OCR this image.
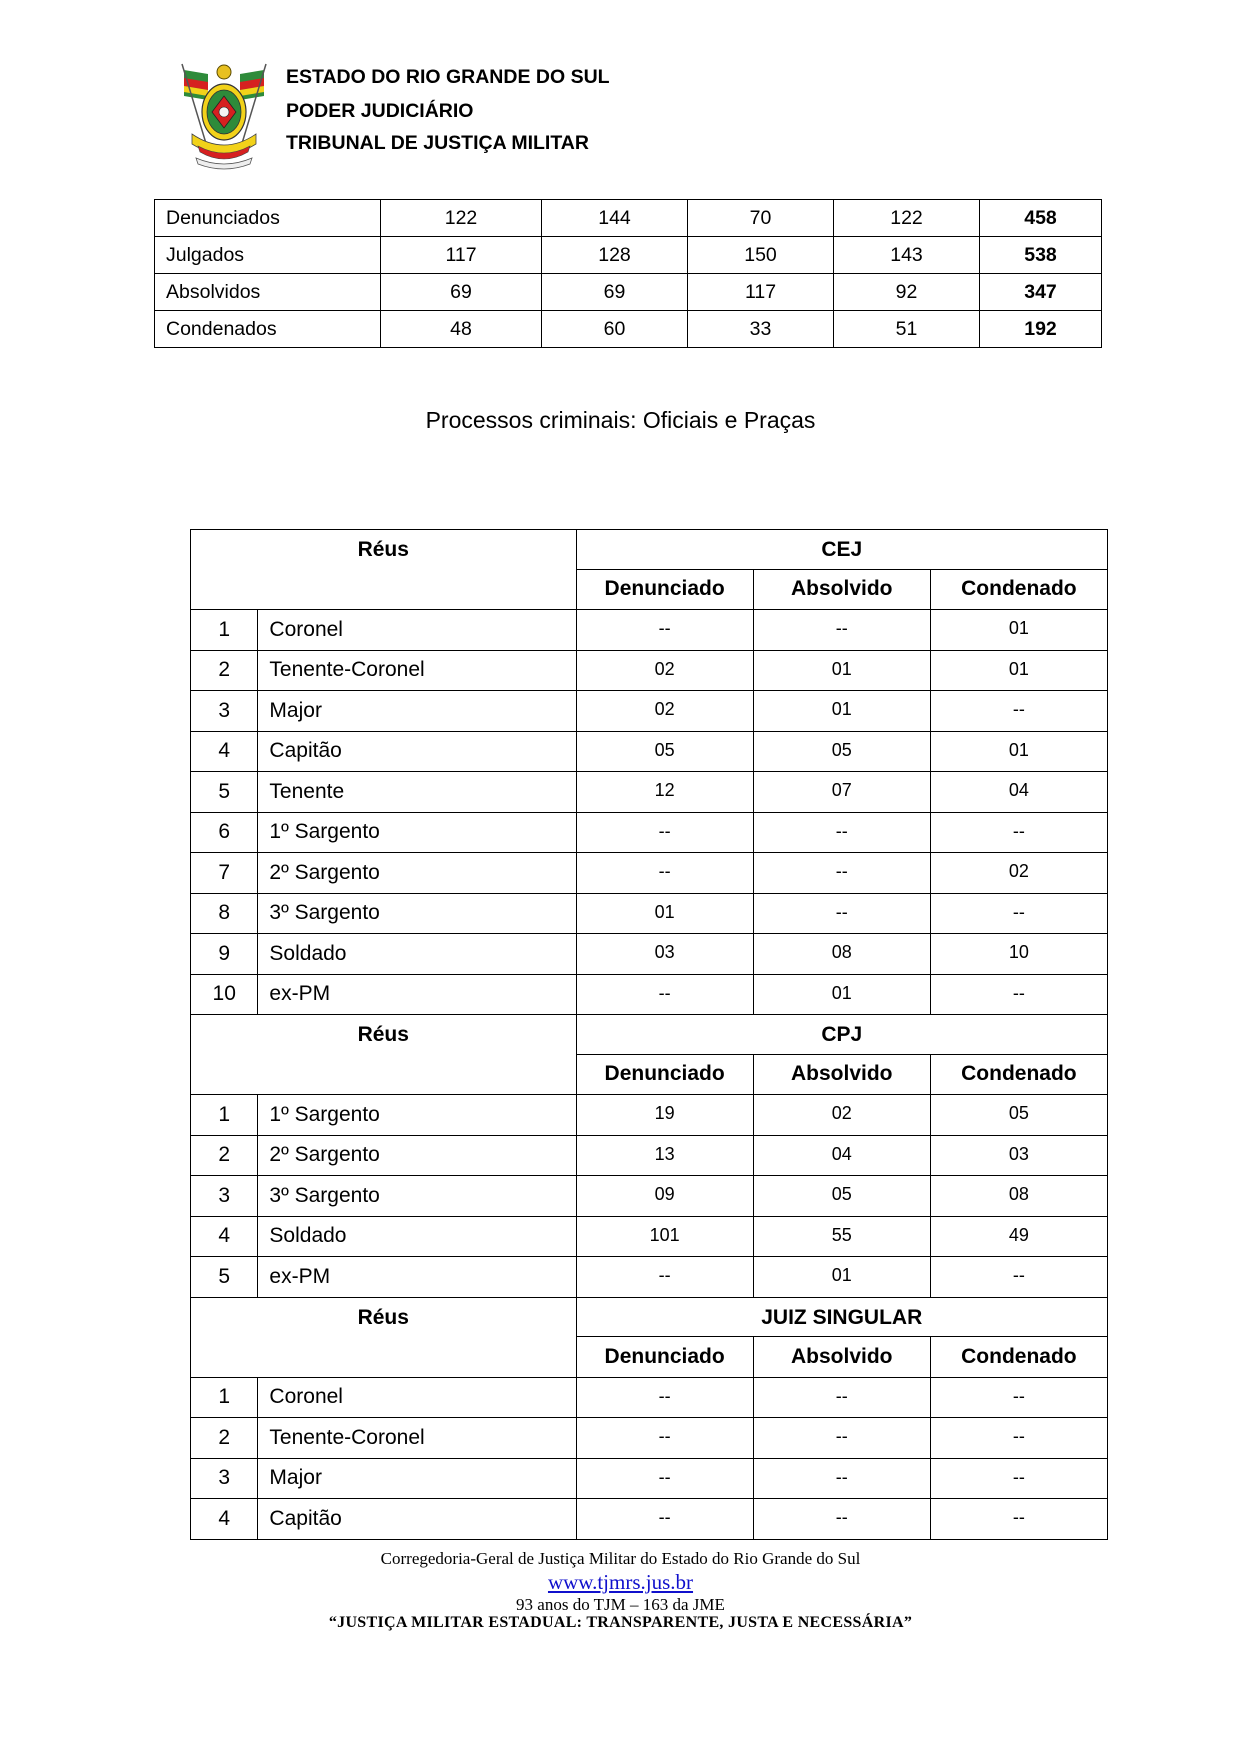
ESTADO DO RIO GRANDE DO SUL
PODER JUDICIÁRIO
TRIBUNAL DE JUSTIÇA MILITAR
Denunciados	122	144	70	122	458
Julgados	117	128	150	143	538
Absolvidos	69	69	117	92	347
Condenados	48	60	33	51	192
Processos criminais: Oficiais e Praças
Réus		CEJ		
		Denunciado	Absolvido	Condenado
1	Coronel	--	--	01
2	Tenente-Coronel	02	01	01
3	Major	02	01	--
4	Capitão	05	05	01
5	Tenente	12	07	04
6	1º Sargento	--	--	--
7	2º Sargento	--	--	02
8	3º Sargento	01	--	--
9	Soldado	03	08	10
10	ex-PM	--	01	--
Réus		CPJ		
		Denunciado	Absolvido	Condenado
1	1º Sargento	19	02	05
2	2º Sargento	13	04	03
3	3º Sargento	09	05	08
4	Soldado	101	55	49
5	ex-PM	--	01	--
Réus		JUIZ SINGULAR		
		Denunciado	Absolvido	Condenado
1	Coronel	--	--	--
2	Tenente-Coronel	--	--	--
3	Major	--	--	--
4	Capitão	--	--	--
Corregedoria-Geral de Justiça Militar do Estado do Rio Grande do Sul
www.tjmrs.jus.br
93 anos do TJM – 163 da JME
“JUSTIÇA MILITAR ESTADUAL: TRANSPARENTE, JUSTA E NECESSÁRIA”
